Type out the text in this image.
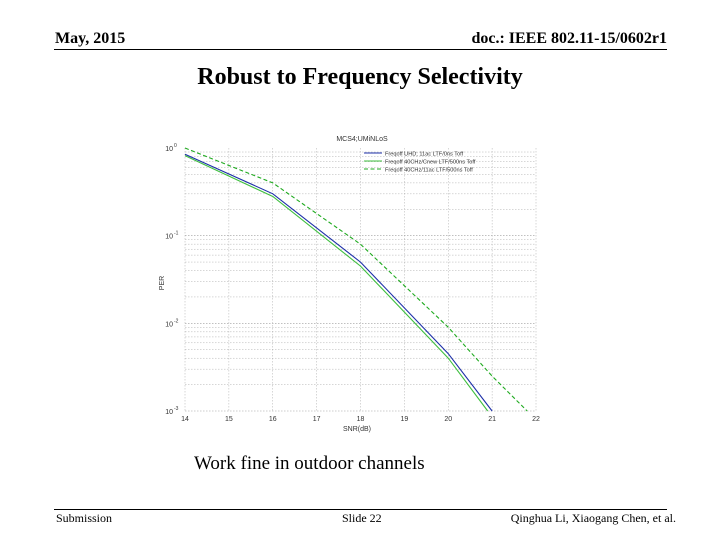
May, 2015	doc.: IEEE 802.11-15/0602r1
Robust to Frequency Selectivity
MCS4;UMiNLoS
SNR(dB)
PER
14	15	16	17	18	19	20	21	22
10 0
10 -1
10 -2
10 -3
Freqoff UHD; 11ac LTF/0ns Toff
Freqoff 40CHz/Cnew LTF/500ns Toff
Freqoff 40CHz/11ac LTF/500ns Toff
Work fine in outdoor channels
Submission	Slide 22	Qinghua Li, Xiaogang Chen, et al.
